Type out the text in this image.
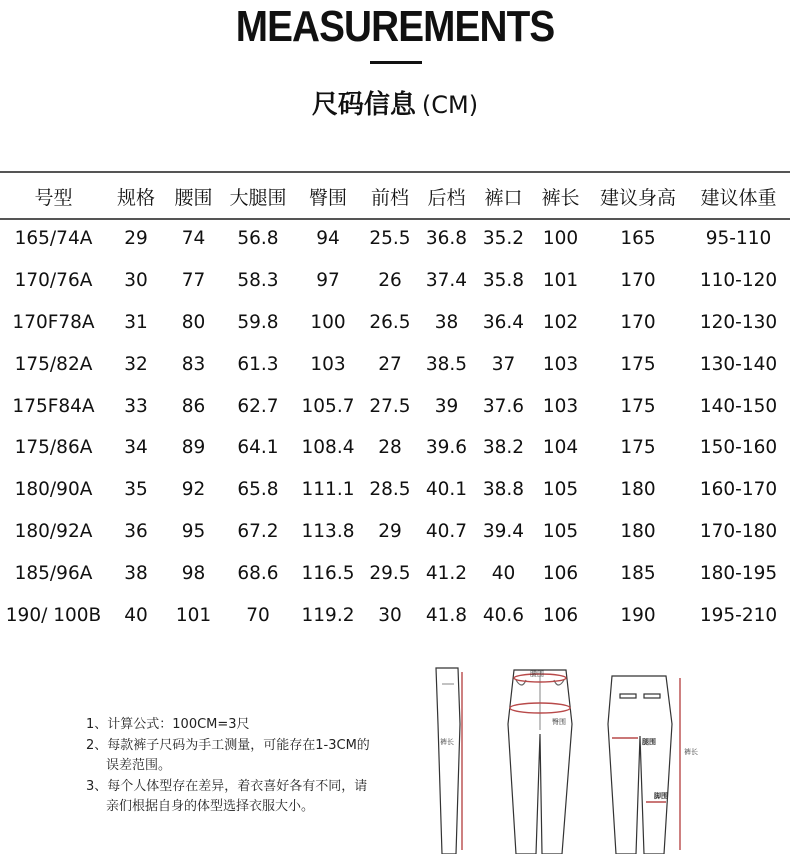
MEASUREMENTS
尺码信息 (CM)
号型	规格	腰围	大腿围	臀围	前档	后档	裤口	裤长	建议身高	建议体重
165/74A	29	74	56.8	94	25.5	36.8	35.2	100	165	95-110
170/76A	30	77	58.3	97	26	37.4	35.8	101	170	110-120
170F78A	31	80	59.8	100	26.5	38	36.4	102	170	120-130
175/82A	32	83	61.3	103	27	38.5	37	103	175	130-140
175F84A	33	86	62.7	105.7	27.5	39	37.6	103	175	140-150
175/86A	34	89	64.1	108.4	28	39.6	38.2	104	175	150-160
180/90A	35	92	65.8	111.1	28.5	40.1	38.8	105	180	160-170
180/92A	36	95	67.2	113.8	29	40.7	39.4	105	180	170-180
185/96A	38	98	68.6	116.5	29.5	41.2	40	106	185	180-195
190/ 100B	40	101	70	119.2	30	41.8	40.6	106	190	195-210
1、计算公式：100CM=3尺
2、每款裤子尺码为手工测量，可能存在1-3CM的
误差范围。
3、每个人体型存在差异，着衣喜好各有不同，请
亲们根据自身的体型选择衣服大小。
裤长
腰围
臀围
腿围
裤长
脚围
